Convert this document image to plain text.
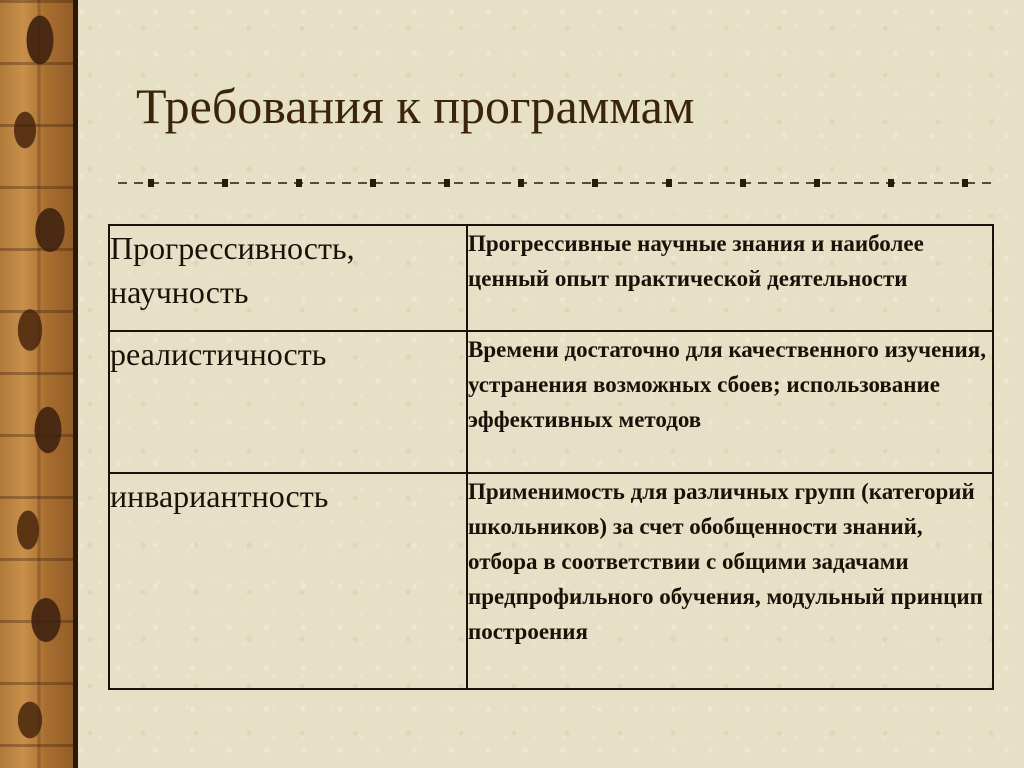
Требования к программам
Прогрессивность, научность	Прогрессивные научные знания и наиболее ценный опыт практической деятельности
реалистичность	Времени достаточно для качественного изучения, устранения возможных сбоев; использование эффективных методов
инвариантность	Применимость для различных групп (категорий школьников) за счет обобщенности знаний, отбора в соответствии с общими задачами предпрофильного обучения, модульный принцип построения
